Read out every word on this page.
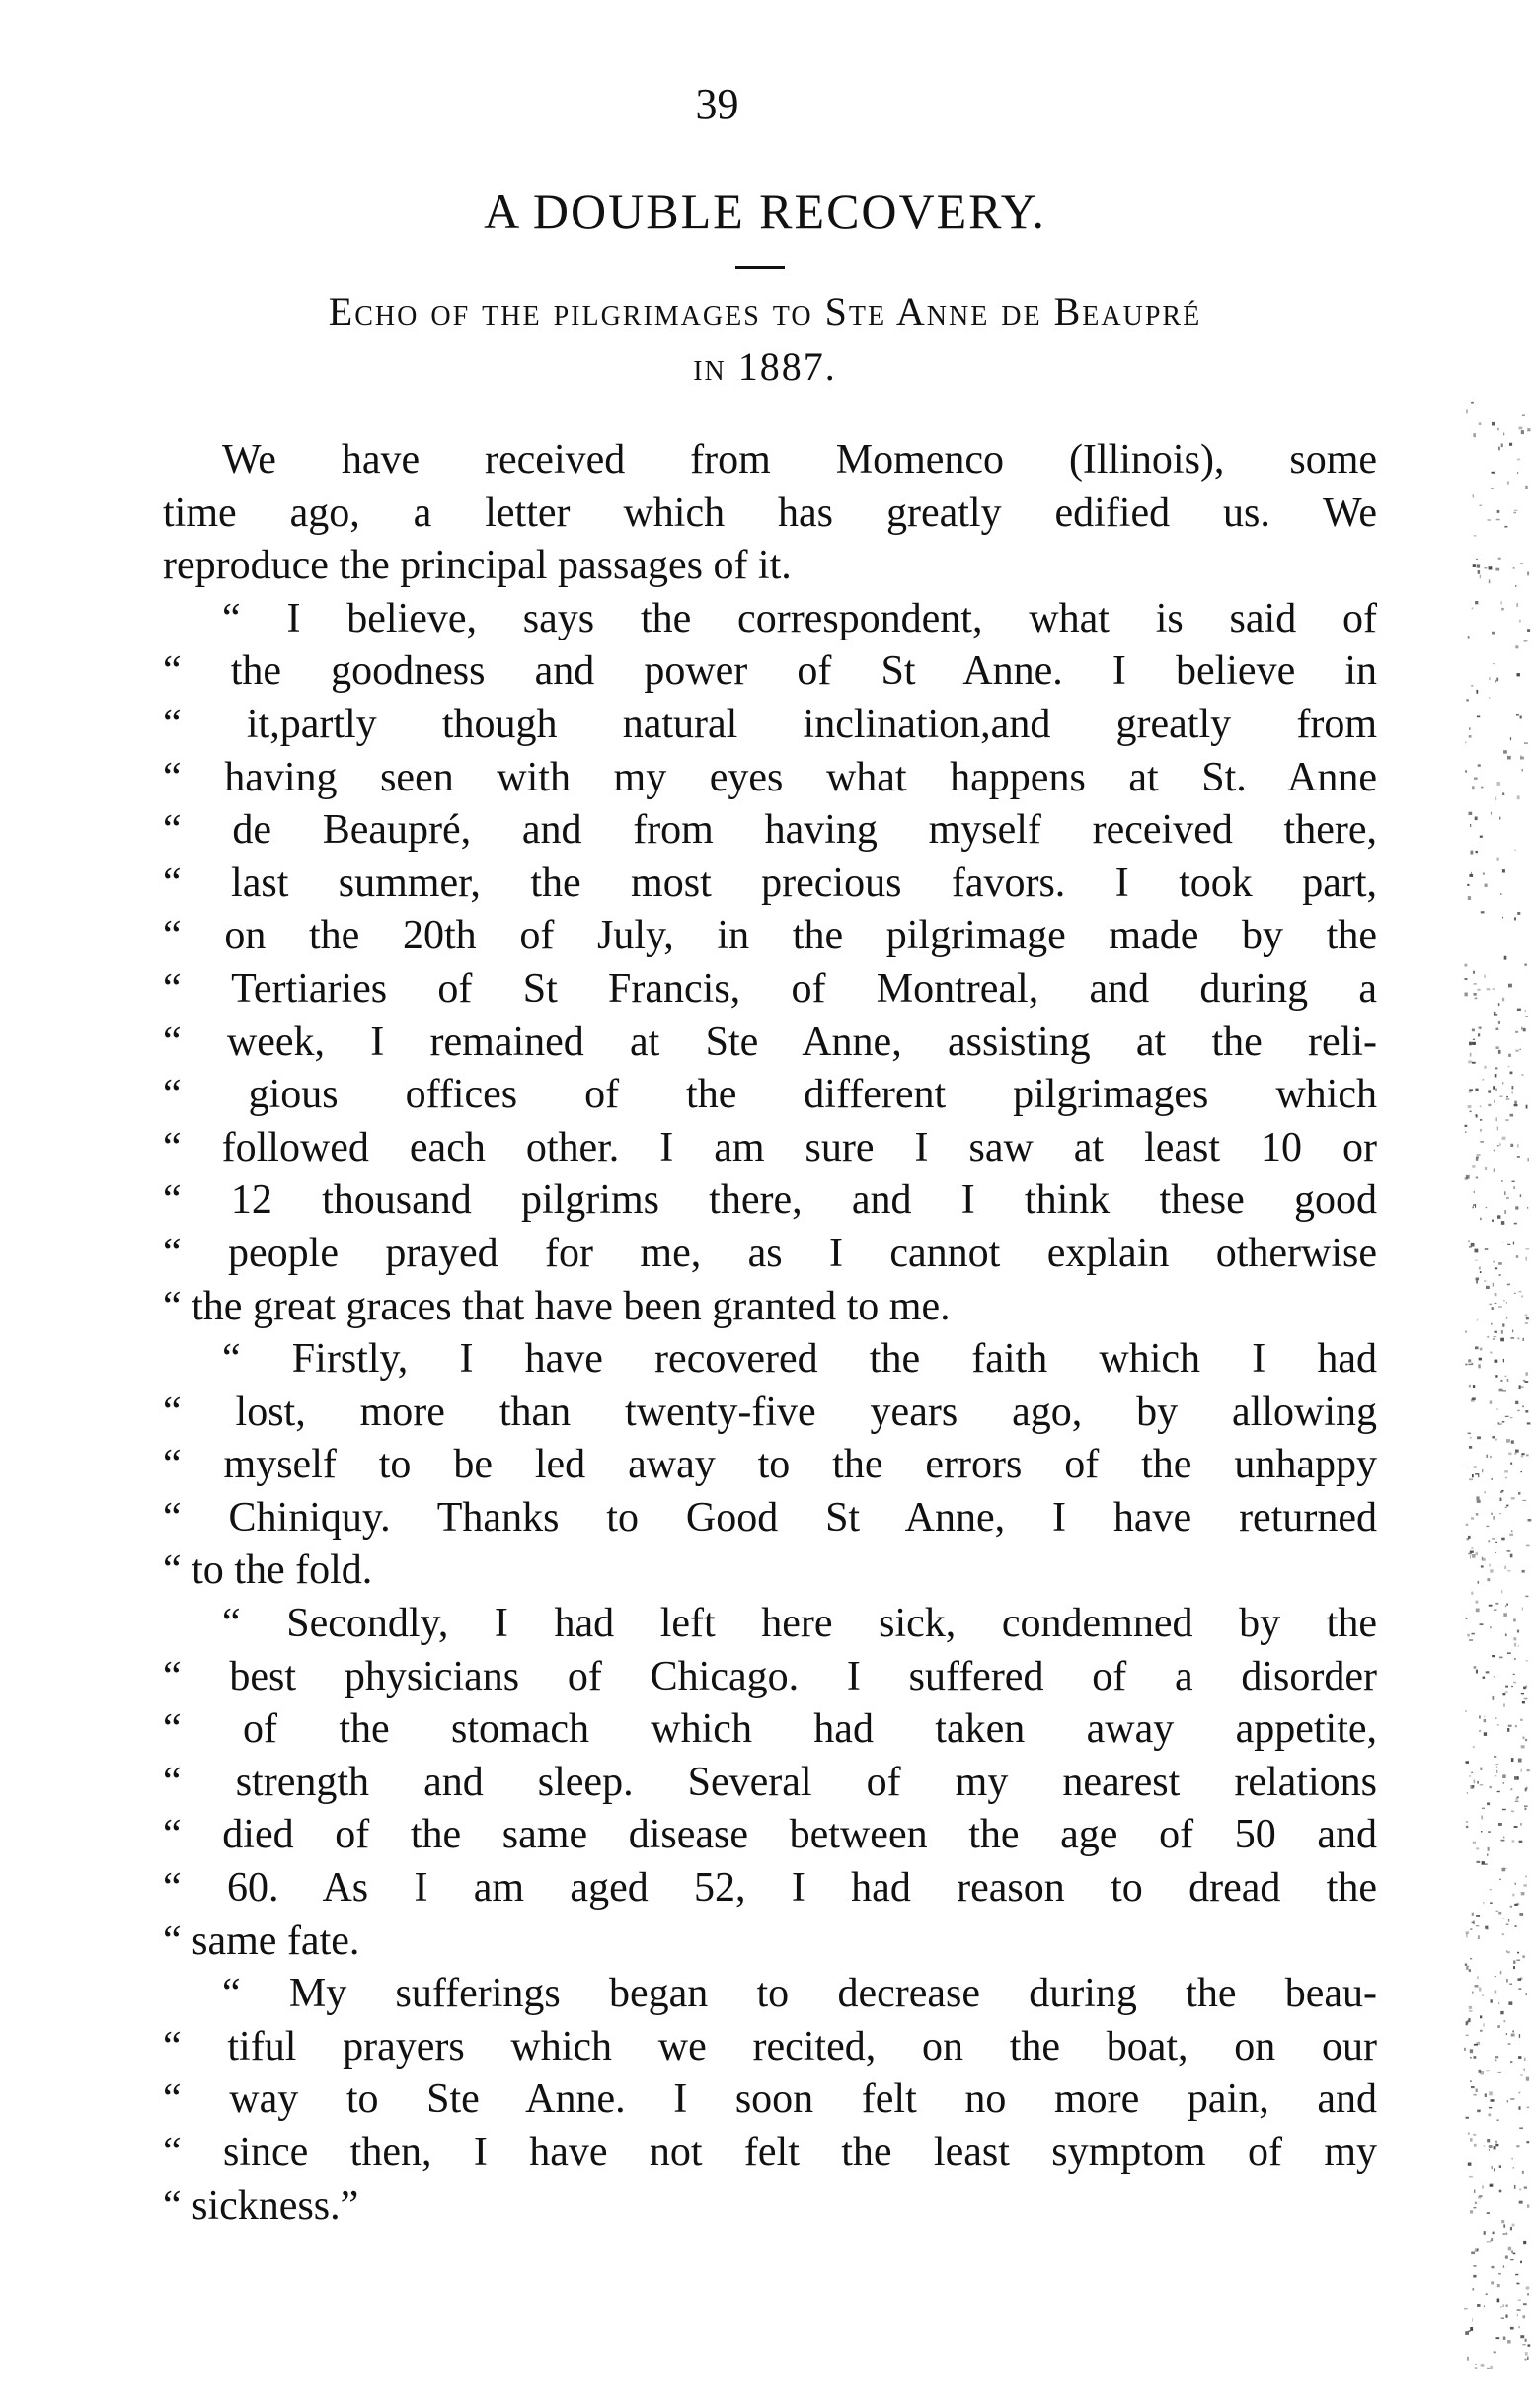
39
A DOUBLE RECOVERY.
Echo of the pilgrimages to Ste Anne de Beaupré
in 1887.
We have received from Momenco (Illinois), some
time ago, a letter which has greatly edified us. We
reproduce the principal passages of it.
“ I believe, says the correspondent, what is said of
“ the goodness and power of St Anne. I believe in
“ it,partly though natural inclination,and greatly from
“ having seen with my eyes what happens at St. Anne
“ de Beaupré, and from having myself received there,
“ last summer, the most precious favors. I took part,
“ on the 20th of July, in the pilgrimage made by the
“ Tertiaries of St Francis, of Montreal, and during a
“ week, I remained at Ste Anne, assisting at the reli-
“ gious offices of the different pilgrimages which
“ followed each other. I am sure I saw at least 10 or
“ 12 thousand pilgrims there, and I think these good
“ people prayed for me, as I cannot explain otherwise
“ the great graces that have been granted to me.
“ Firstly, I have recovered the faith which I had
“ lost, more than twenty-five years ago, by allowing
“ myself to be led away to the errors of the unhappy
“ Chiniquy. Thanks to Good St Anne, I have returned
“ to the fold.
“ Secondly, I had left here sick, condemned by the
“ best physicians of Chicago. I suffered of a disorder
“ of the stomach which had taken away appetite,
“ strength and sleep. Several of my nearest relations
“ died of the same disease between the age of 50 and
“ 60. As I am aged 52, I had reason to dread the
“ same fate.
“ My sufferings began to decrease during the beau-
“ tiful prayers which we recited, on the boat, on our
“ way to Ste Anne. I soon felt no more pain, and
“ since then, I have not felt the least symptom of my
“ sickness.”
